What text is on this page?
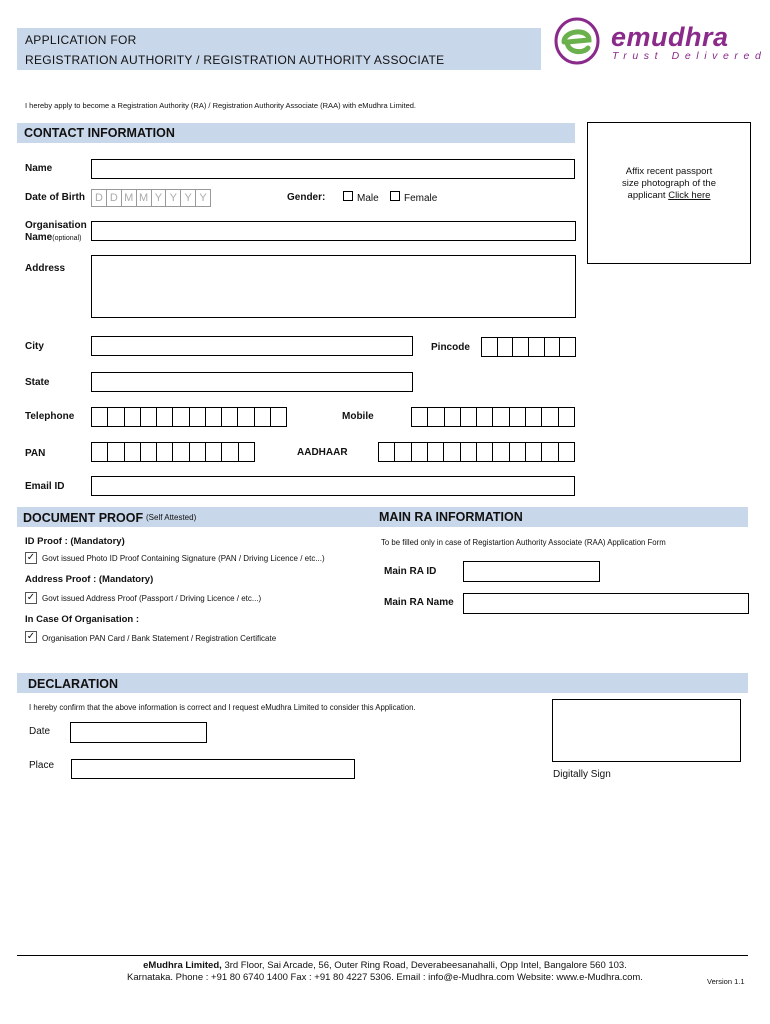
APPLICATION FOR
REGISTRATION AUTHORITY / REGISTRATION AUTHORITY ASSOCIATE
emudhra
Trust Delivered
I hereby apply to become a Registration Authority (RA) / Registration Authority Associate (RAA) with eMudhra Limited.
CONTACT INFORMATION
Affix recent passport
size photograph of the
applicant Click here
Name
Date of Birth D D M M Y Y Y Y	Gender:	Male	Female
Organisation
Name(optional)
Address
City	Pincode
State
Telephone	Mobile
PAN	AADHAAR
Email ID
DOCUMENT PROOF (Self Attested)	MAIN RA INFORMATION
ID Proof : (Mandatory)
✓ Govt issued Photo ID Proof Containing Signature (PAN / Driving Licence / etc...)
Address Proof : (Mandatory)
✓ Govt issued Address Proof (Passport / Driving Licence / etc...)
In Case Of Organisation :
✓ Organisation PAN Card / Bank Statement / Registration Certificate
To be filled only in case of Registartion Authority Associate (RAA) Application Form
Main RA ID
Main RA Name
DECLARATION
I hereby confirm that the above information is correct and I request eMudhra Limited to consider this Application.
Date
Place
Digitally Sign
eMudhra Limited, 3rd Floor, Sai Arcade, 56, Outer Ring Road, Deverabeesanahalli, Opp Intel, Bangalore 560 103.
Karnataka. Phone : +91 80 6740 1400 Fax : +91 80 4227 5306. Email : info@e-Mudhra.com Website: www.e-Mudhra.com.	Version 1.1
